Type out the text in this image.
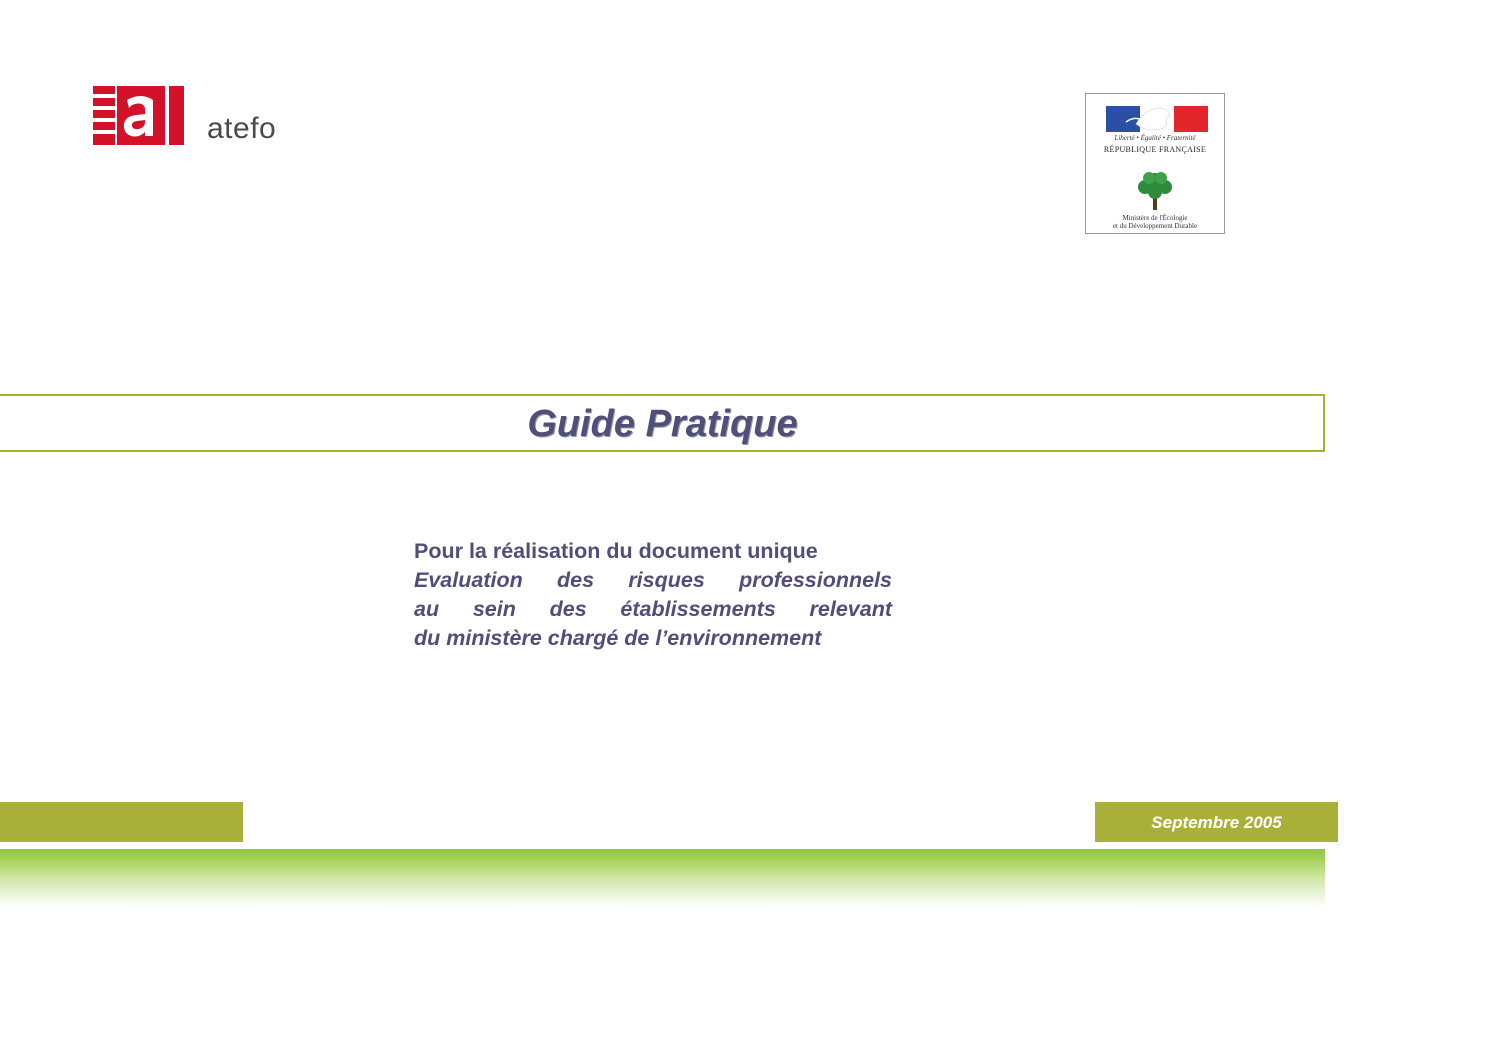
atefo	Liberté • Égalité • Fraternité
RÉPUBLIQUE FRANÇAISE
Ministère de l'Écologie
et du Développement Durable
Guide Pratique
Pour la réalisation du document unique
Evaluation des risques professionnels
au sein des établissements relevant
du ministère chargé de l’environnement
Septembre 2005
